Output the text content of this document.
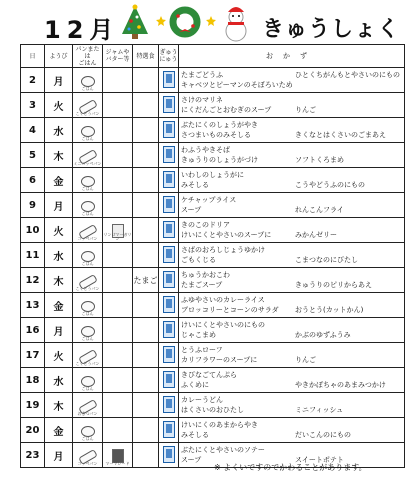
12月	きゅうしょく
日	ようび	パンまたは
ごはん	ジャムや
バター等	特選食	ぎゅう
にゅう	おかず
2	月	ごはん				たまごどうふ ひとくちがんもとやさいのにもの
キャベツとピーマンのそぼろいため

3	火	こくとうパン				さけのマリネ
にくだんごとおむぎのスープ りんご

4	水	ごはん				ぶたにくのしょうがやき
さつまいものみそしる きくなとはくさいのごまあえ

5	木	ミニコッペパン				わふうやきそば
きゅうりのしょうがづけ ソフトくろまめ

6	金	ごはん				いわしのしょうがに
みそしる こうやどうふのにもの

9	月	ごはん				ケチャップライス
スープ れんこんフライ

10	火	コッペパン	リンゴマーガリン			きのこのドリア
けいにくとやさいのスープに みかんゼリー

11	水	ごはん				さばのおろしじょうゆかけ
ごもくじる こまつなのにびたし

12	木	こくとうパン		たまご		ちゅうかおこわ
たまごスープ きゅうりのピリからあえ

13	金	ごはん				ふゆやさいのカレーライス
ブロッコリーとコーンのサラダ おうとう(カットかん)

16	月	ごはん				けいにくとやさいのにもの
じゃこまめ かぶのゆずふうみ

17	火	こくとうパン				とうふローフ
カリフラワーのスープに りんご

18	水	ごはん				きびなごてんぷら
ふくめに やきかぼちゃのあまみつかけ

19	木	おきつパン				カレーうどん
はくさいのおひたし ミニフィッシュ

20	金	ごはん				けいにくのあまからやき
みそしる だいこんのにもの

23	月	コッペパン	マーマレード			ぶたにくとやさいのソテー
スープ スイートポテト
※ よくいですのでかわることがあります。
